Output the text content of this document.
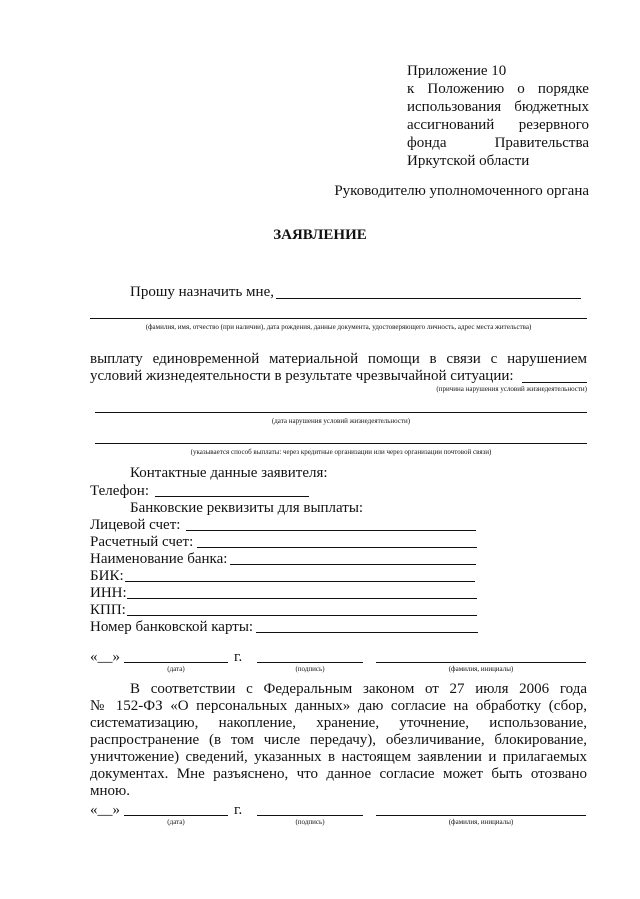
Приложение 10
к Положению о порядке
использования бюджетных
ассигнований резервного
фонда	Правительства
Иркутской области
Руководителю уполномоченного органа
ЗАЯВЛЕНИЕ
Прошу назначить мне,
(фамилия, имя, отчество (при наличии), дата рождения, данные документа, удостоверяющего личность, адрес места жительства)
выплату единовременной материальной помощи в связи с нарушением
условий жизнедеятельности в результате чрезвычайной ситуации:
(причина нарушения условий жизнедеятельности)
(дата нарушения условий жизнедеятельности)
(указывается способ выплаты: через кредитные организации или через организации почтовой связи)
Контактные данные заявителя:
Телефон:
Банковские реквизиты для выплаты:
Лицевой счет:
Расчетный счет:
Наименование банка:
БИК:
ИНН:
КПП:
Номер банковской карты:
«__»	г.
(дата)	(подпись)	(фамилия, инициалы)
В соответствии с Федеральным законом от 27 июля 2006 года
№ 152-ФЗ «О персональных данных» даю согласие на обработку (сбор,
систематизацию, накопление, хранение, уточнение, использование,
распространение (в том числе передачу), обезличивание, блокирование,
уничтожение) сведений, указанных в настоящем заявлении и прилагаемых
документах. Мне разъяснено, что данное согласие может быть отозвано
мною.
«__»	г.
(дата)	(подпись)	(фамилия, инициалы)
